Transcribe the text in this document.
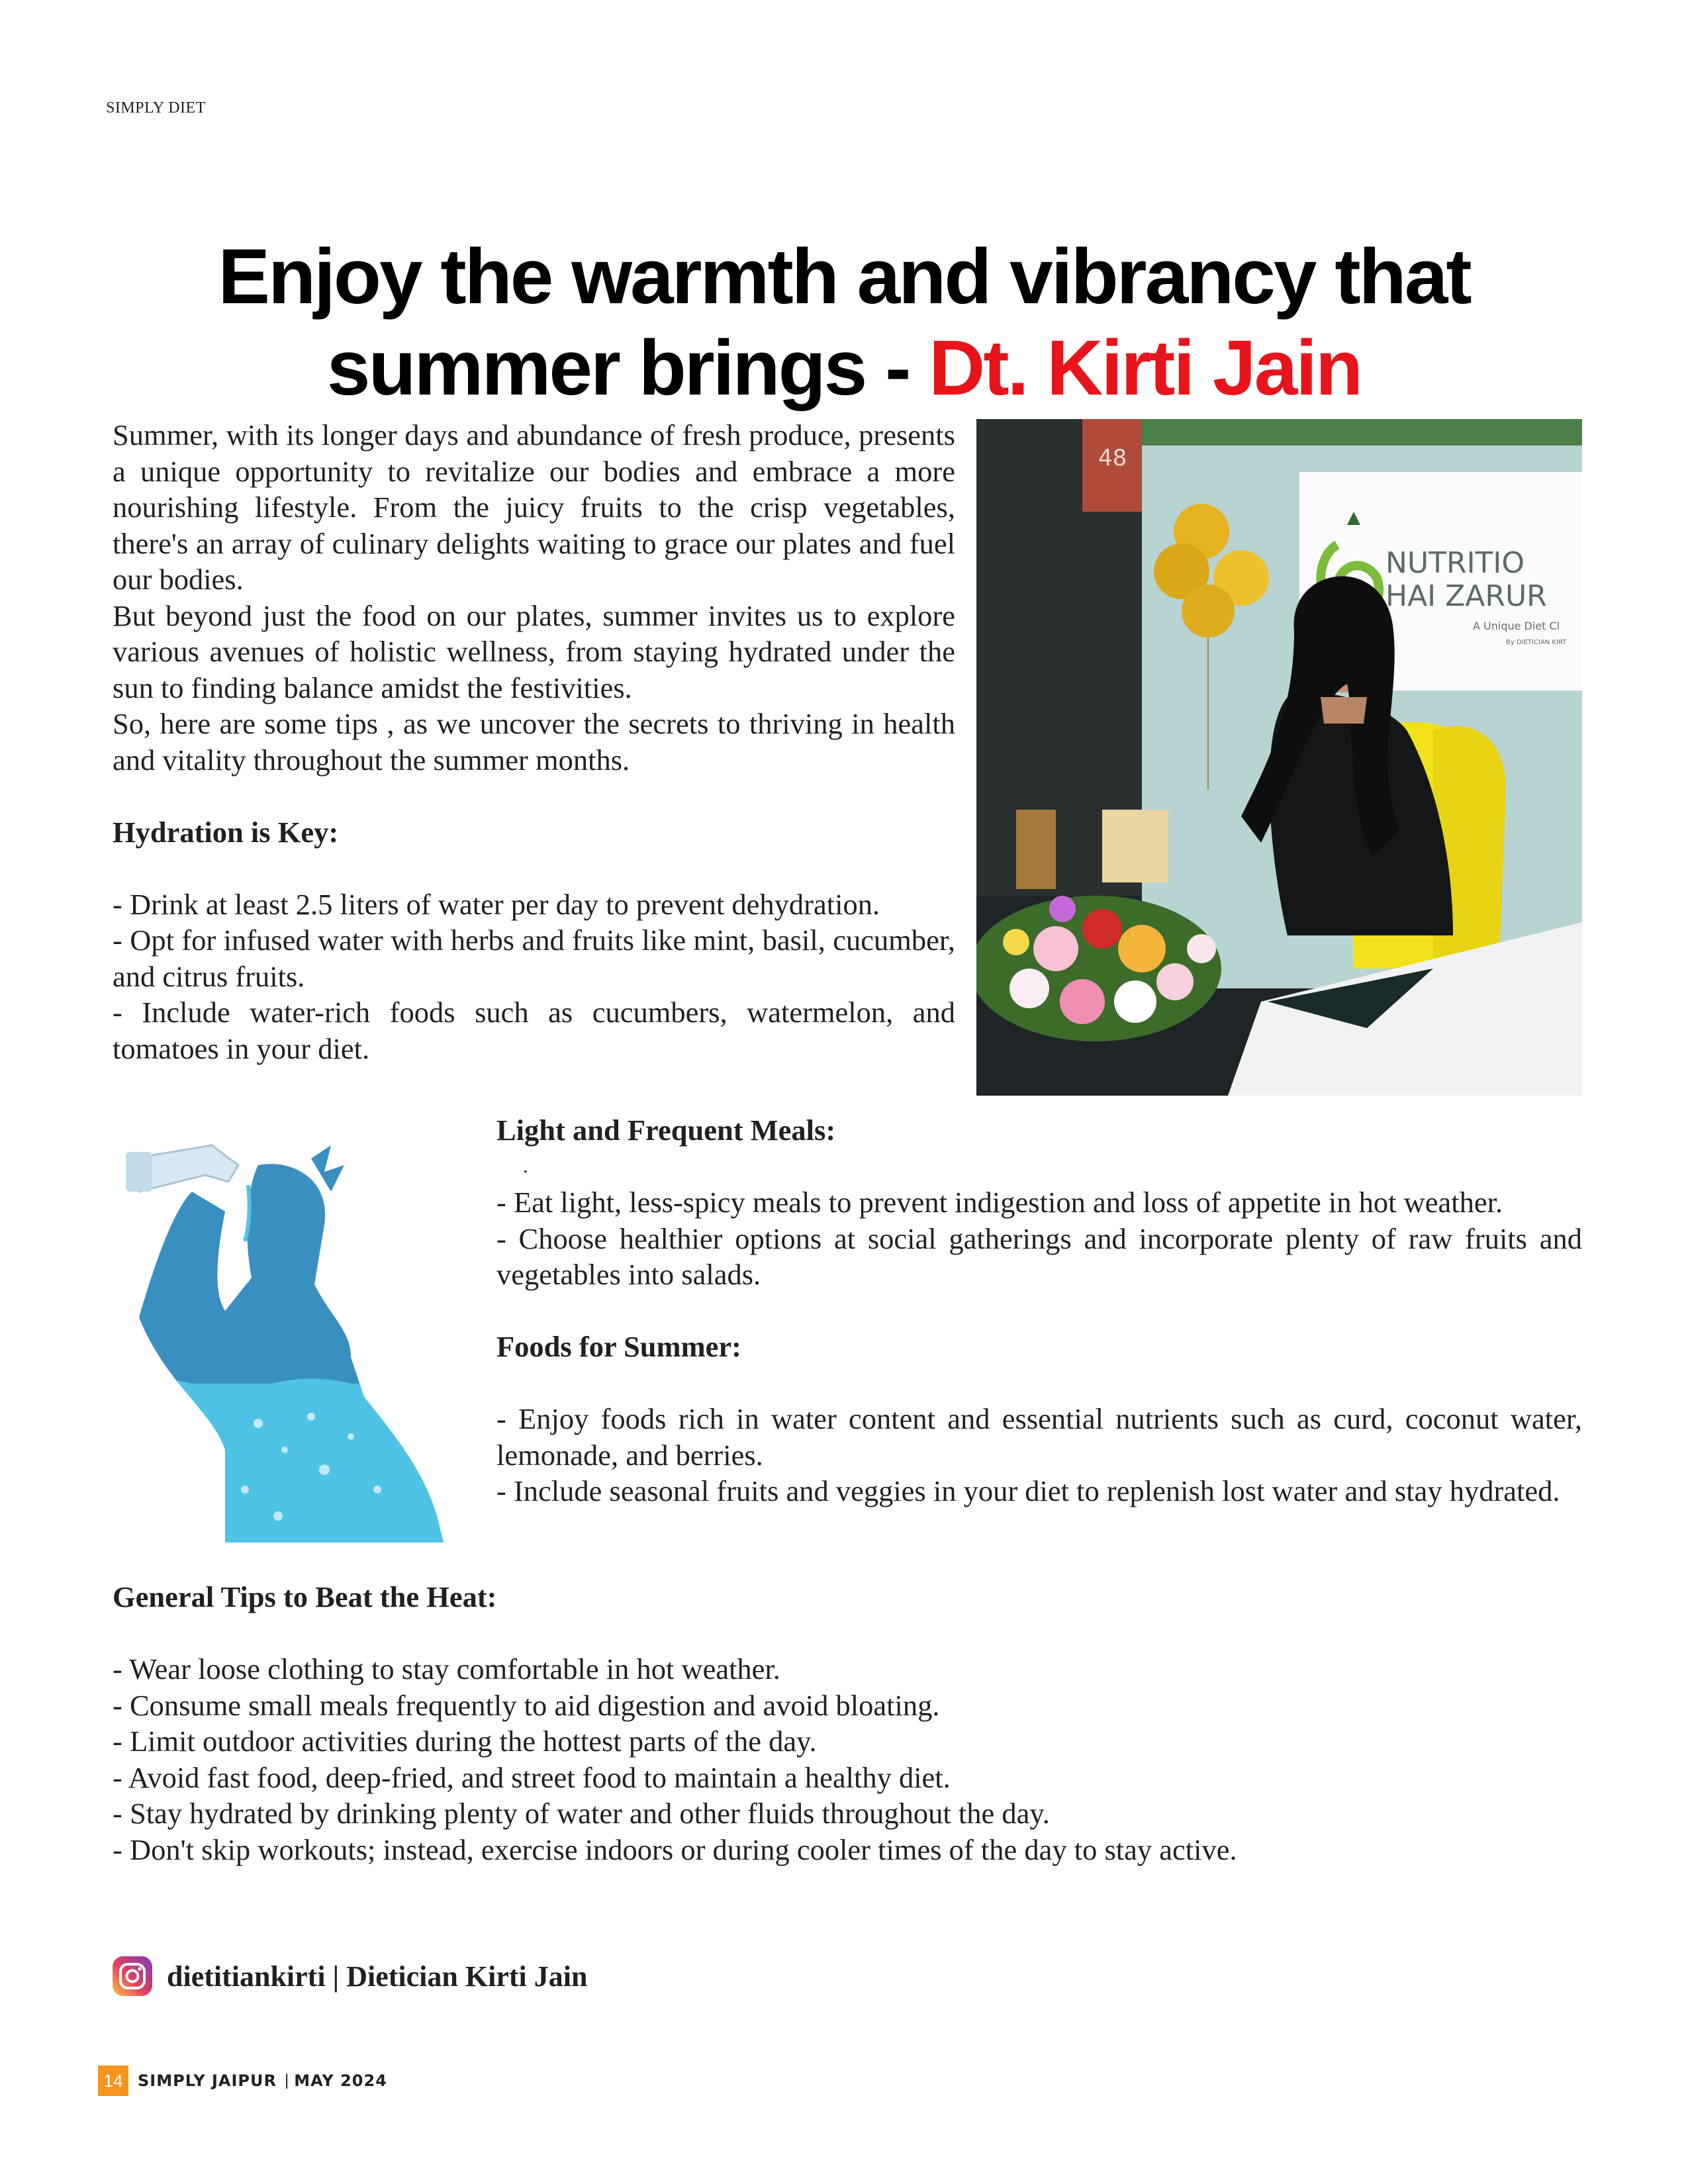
SIMPLY DIET
Enjoy the warmth and vibrancy that
summer brings - Dt. Kirti Jain

Summer, with its longer days and abundance of fresh produce, presents a unique opportunity to revitalize our bodies and embrace a more nourishing lifestyle. From the juicy fruits to the crisp vegetables, there's an array of culinary delights waiting to grace our plates and fuel our bodies.

But beyond just the food on our plates, summer invites us to explore various avenues of holistic wellness, from staying hydrated under the sun to finding balance amidst the festivities.

So, here are some tips , as we uncover the secrets to thriving in health and vitality throughout the summer months.

Hydration is Key:

- Drink at least 2.5 liters of water per day to prevent dehydration.

- Opt for infused water with herbs and fruits like mint, basil, cucumber, and citrus fruits.

- Include water-rich foods such as cucumbers, watermelon, and tomatoes in your diet.

48
NUTRITIO
HAI ZARUR
A Unique Diet Cl
By DIETICIAN KIRT

Light and Frequent Meals:

.

- Eat light, less-spicy meals to prevent indigestion and loss of appetite in hot weather.

- Choose healthier options at social gatherings and incorporate plenty of raw fruits and vegetables into salads.

Foods for Summer:

- Enjoy foods rich in water content and essential nutrients such as curd, coconut water, lemonade, and berries.

- Include seasonal fruits and veggies in your diet to replenish lost water and stay hydrated.

General Tips to Beat the Heat:

- Wear loose clothing to stay comfortable in hot weather.

- Consume small meals frequently to aid digestion and avoid bloating.

- Limit outdoor activities during the hottest parts of the day.

- Avoid fast food, deep-fried, and street food to maintain a healthy diet.

- Stay hydrated by drinking plenty of water and other fluids throughout the day.

- Don't skip workouts; instead, exercise indoors or during cooler times of the day to stay active.

dietitiankirti | Dietician Kirti Jain
14 SIMPLY JAIPUR | MAY 2024
